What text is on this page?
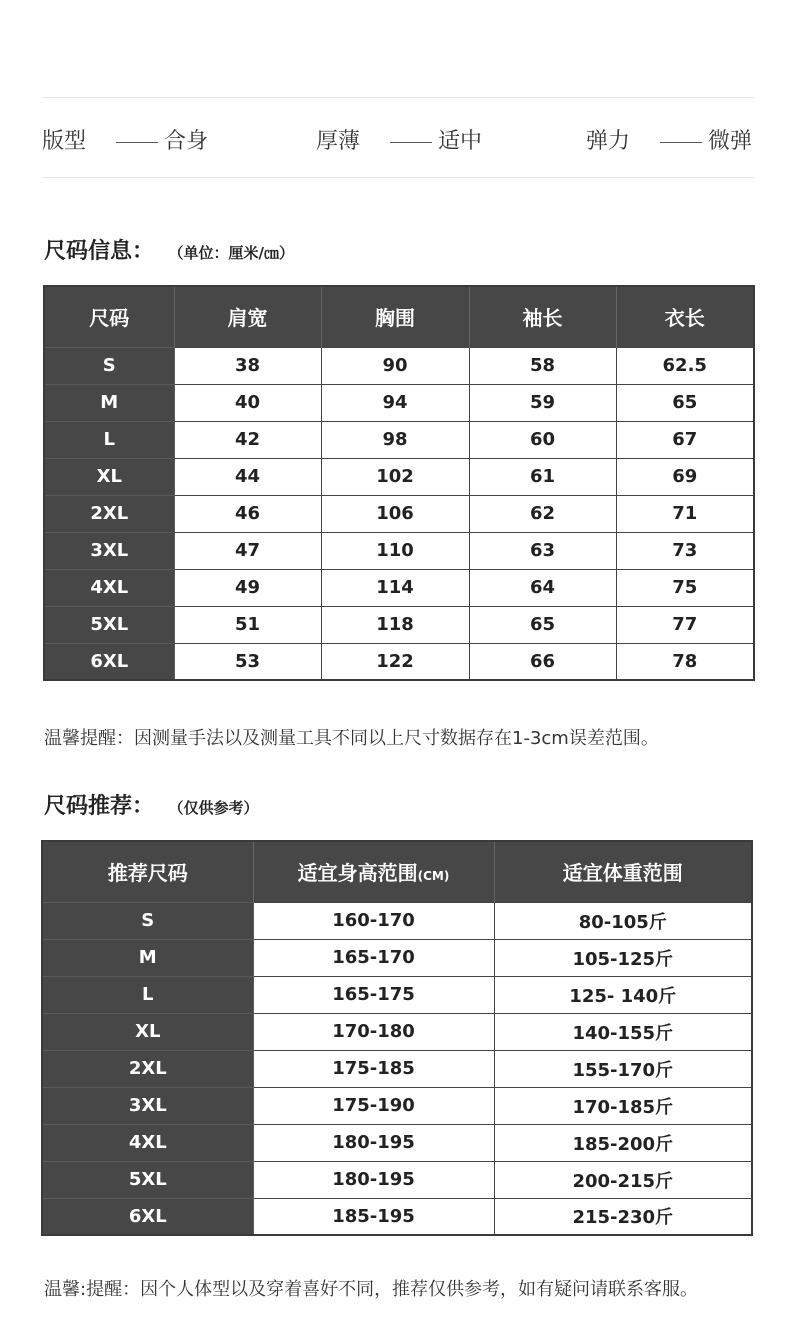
版型	合身	厚薄	适中	弹力	微弹
尺码信息： （单位：厘米/㎝）
尺码	肩宽	胸围	袖长	衣长
S	38	90	58	62.5
M	40	94	59	65
L	42	98	60	67
XL	44	102	61	69
2XL	46	106	62	71
3XL	47	110	63	73
4XL	49	114	64	75
5XL	51	118	65	77
6XL	53	122	66	78
温馨提醒：因测量手法以及测量工具不同以上尺寸数据存在1-3cm误差范围。
尺码推荐： （仅供参考）
推荐尺码	适宜身高范围(CM)	适宜体重范围
S	160-170	80-105斤
M	165-170	105-125斤
L	165-175	125- 140斤
XL	170-180	140-155斤
2XL	175-185	155-170斤
3XL	175-190	170-185斤
4XL	180-195	185-200斤
5XL	180-195	200-215斤
6XL	185-195	215-230斤
温馨:提醒：因个人体型以及穿着喜好不同，推荐仅供参考，如有疑问请联系客服。
